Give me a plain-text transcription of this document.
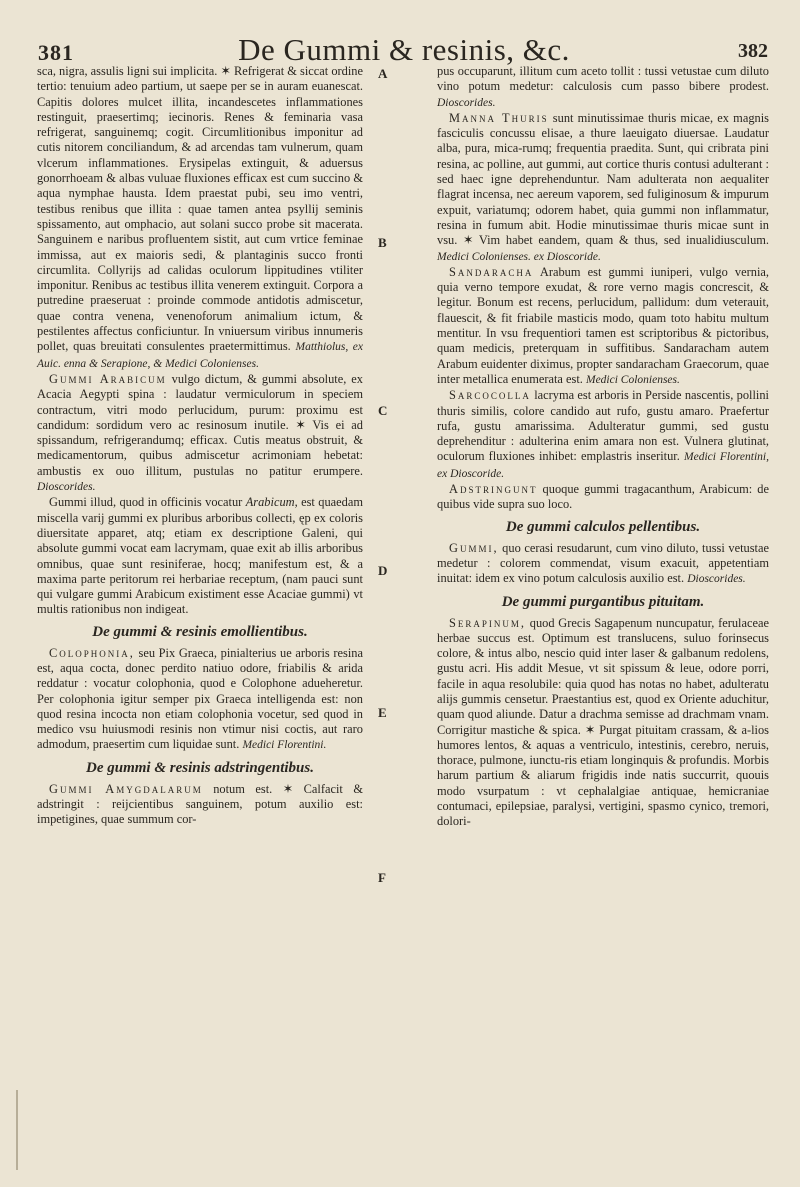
381	De Gummi & resinis, &c.	382
A
B
C
D
E
F

sca, nigra, assulis ligni sui implicita. ✶ Refrigerat & siccat ordine tertio: tenuium adeo partium, ut saepe per se in auram euanescat. Capitis dolores mulcet illita, incandescetes inflammationes restinguit, praesertimq; iecinoris. Renes & feminaria vasa refrigerat, sanguinemq; cogit. Circumlitionibus imponitur ad cutis nitorem conciliandum, & ad arcendas tam vulnerum, quam vlcerum inflammationes. Erysipelas extinguit, & aduersus gonorrhoeam & albas vuluae fluxiones efficax est cum succino & aqua nymphae hausta. Idem praestat pubi, seu imo ventri, testibus renibus que illita : quae tamen antea psyllij seminis spissamento, aut omphacio, aut solani succo probe sit macerata. Sanguinem e naribus profluentem sistit, aut cum vrtice feminae immissa, aut ex maioris sedi, & plantaginis succo fronti circumlita. Collyrijs ad calidas oculorum lippitudines vtiliter imponitur. Renibus ac testibus illita venerem extinguit. Corpora a putredine praeseruat : proinde commode antidotis admiscetur, quae contra venena, venenoforum animalium ictum, & pestilentes affectus conficiuntur. In vniuersum viribus innumeris pollet, quas breuitati consulentes praetermittimus. Matthiolus, ex Auic. enna & Serapione, & Medici Colonienses.

Gummi Arabicum vulgo dictum, & gummi absolute, ex Acacia Aegypti spina : laudatur vermiculorum in speciem contractum, vitri modo perlucidum, purum: proximu est candidum: sordidum vero ac resinosum inutile. ✶ Vis ei ad spissandum, refrigerandumq; efficax. Cutis meatus obstruit, & medicamentorum, quibus admiscetur acrimoniam hebetat: ambustis ex ouo illitum, pustulas no patitur erumpere. Dioscorides.

Gummi illud, quod in officinis vocatur Arabicum, est quaedam miscella varij gummi ex pluribus arboribus collecti, ęp ex coloris diuersitate apparet, atq; etiam ex descriptione Galeni, qui absolute gummi vocat eam lacrymam, quae exit ab illis arboribus omnibus, quae sunt resiniferae, hocq; manifestum est, & a maxima parte peritorum rei herbariae receptum, (nam pauci sunt qui vulgare gummi Arabicum existiment esse Acaciae gummi) vt multis rationibus non indigeat.

De gummi & resinis emollientibus.

Colophonia, seu Pix Graeca, pinialterius ue arboris resina est, aqua cocta, donec perdito natiuo odore, friabilis & arida reddatur : vocatur colophonia, quod e Colophone adueheretur. Per colophonia igitur semper pix Graeca intelligenda est: non quod resina incocta non etiam colophonia vocetur, sed quod in medico vsu huiusmodi resinis non vtimur nisi coctis, aut raro admodum, praesertim cum liquidae sunt. Medici Florentini.

De gummi & resinis adstringentibus.

Gummi Amygdalarum notum est. ✶ Calfacit & adstringit : reijcientibus sanguinem, potum auxilio est: impetigines, quae summum cor-

pus occuparunt, illitum cum aceto tollit : tussi vetustae cum diluto vino potum medetur: calculosis cum passo bibere prodest. Dioscorides.

Manna Thuris sunt minutissimae thuris micae, ex magnis fasciculis concussu elisae, a thure laeuigato diuersae. Laudatur alba, pura, mica-rumq; frequentia praedita. Sunt, qui cribrata pini resina, ac polline, aut gummi, aut cortice thuris contusi adulterant : sed haec igne deprehenduntur. Nam adulterata non aequaliter flagrat incensa, nec aereum vaporem, sed fuliginosum & impurum expuit, variatumq; odorem habet, quia gummi non inflammatur, resina in fumum abit. Hodie minutissimae thuris micae sunt in vsu. ✶ Vim habet eandem, quam & thus, sed inualidiusculum. Medici Colonienses. ex Dioscoride.

Sandaracha Arabum est gummi iuniperi, vulgo vernia, quia verno tempore exudat, & rore verno magis concrescit, & legitur. Bonum est recens, perlucidum, pallidum: dum veterauit, flauescit, & fit friabile masticis modo, quam toto habitu multum mentitur. In vsu frequentiori tamen est scriptoribus & pictoribus, quam medicis, preterquam in suffitibus. Sandaracham autem Arabum euidenter diximus, propter sandaracham Graecorum, quae inter metallica enumerata est. Medici Colonienses.

Sarcocolla lacryma est arboris in Perside nascentis, pollini thuris similis, colore candido aut rufo, gustu amaro. Praefertur rufa, gustu amarissima. Adulteratur gummi, sed gustu deprehenditur : adulterina enim amara non est. Vulnera glutinat, oculorum fluxiones inhibet: emplastris inseritur. Medici Florentini, ex Dioscoride.

Adstringunt quoque gummi tragacanthum, Arabicum: de quibus vide supra suo loco.

De gummi calculos pellentibus.

Gummi, quo cerasi resudarunt, cum vino diluto, tussi vetustae medetur : colorem commendat, visum exacuit, appetentiam inuitat: idem ex vino potum calculosis auxilio est. Dioscorides.

De gummi purgantibus pituitam.

Serapinum, quod Grecis Sagapenum nuncupatur, ferulaceae herbae succus est. Optimum est translucens, suluo forinsecus colore, & intus albo, nescio quid inter laser & galbanum redolens, gustu acri. His addit Mesue, vt sit spissum & leue, odore porri, facile in aqua resolubile: quia quod has notas no habet, adulteratu alijs gummis censetur. Praestantius est, quod ex Oriente aduchitur, quam quod aliunde. Datur a drachma semisse ad drachmam vnam. Corrigitur mastiche & spica. ✶ Purgat pituitam crassam, & a-lios humores lentos, & aquas a ventriculo, intestinis, cerebro, neruis, thorace, pulmone, iunctu-ris etiam longinquis & profundis. Morbis harum partium & aliarum frigidis inde natis succurrit, quouis modo vsurpatum : vt cephalalgiae antiquae, hemicraniae contumaci, epilepsiae, paralysi, vertigini, spasmo cynico, tremori, dolori-
